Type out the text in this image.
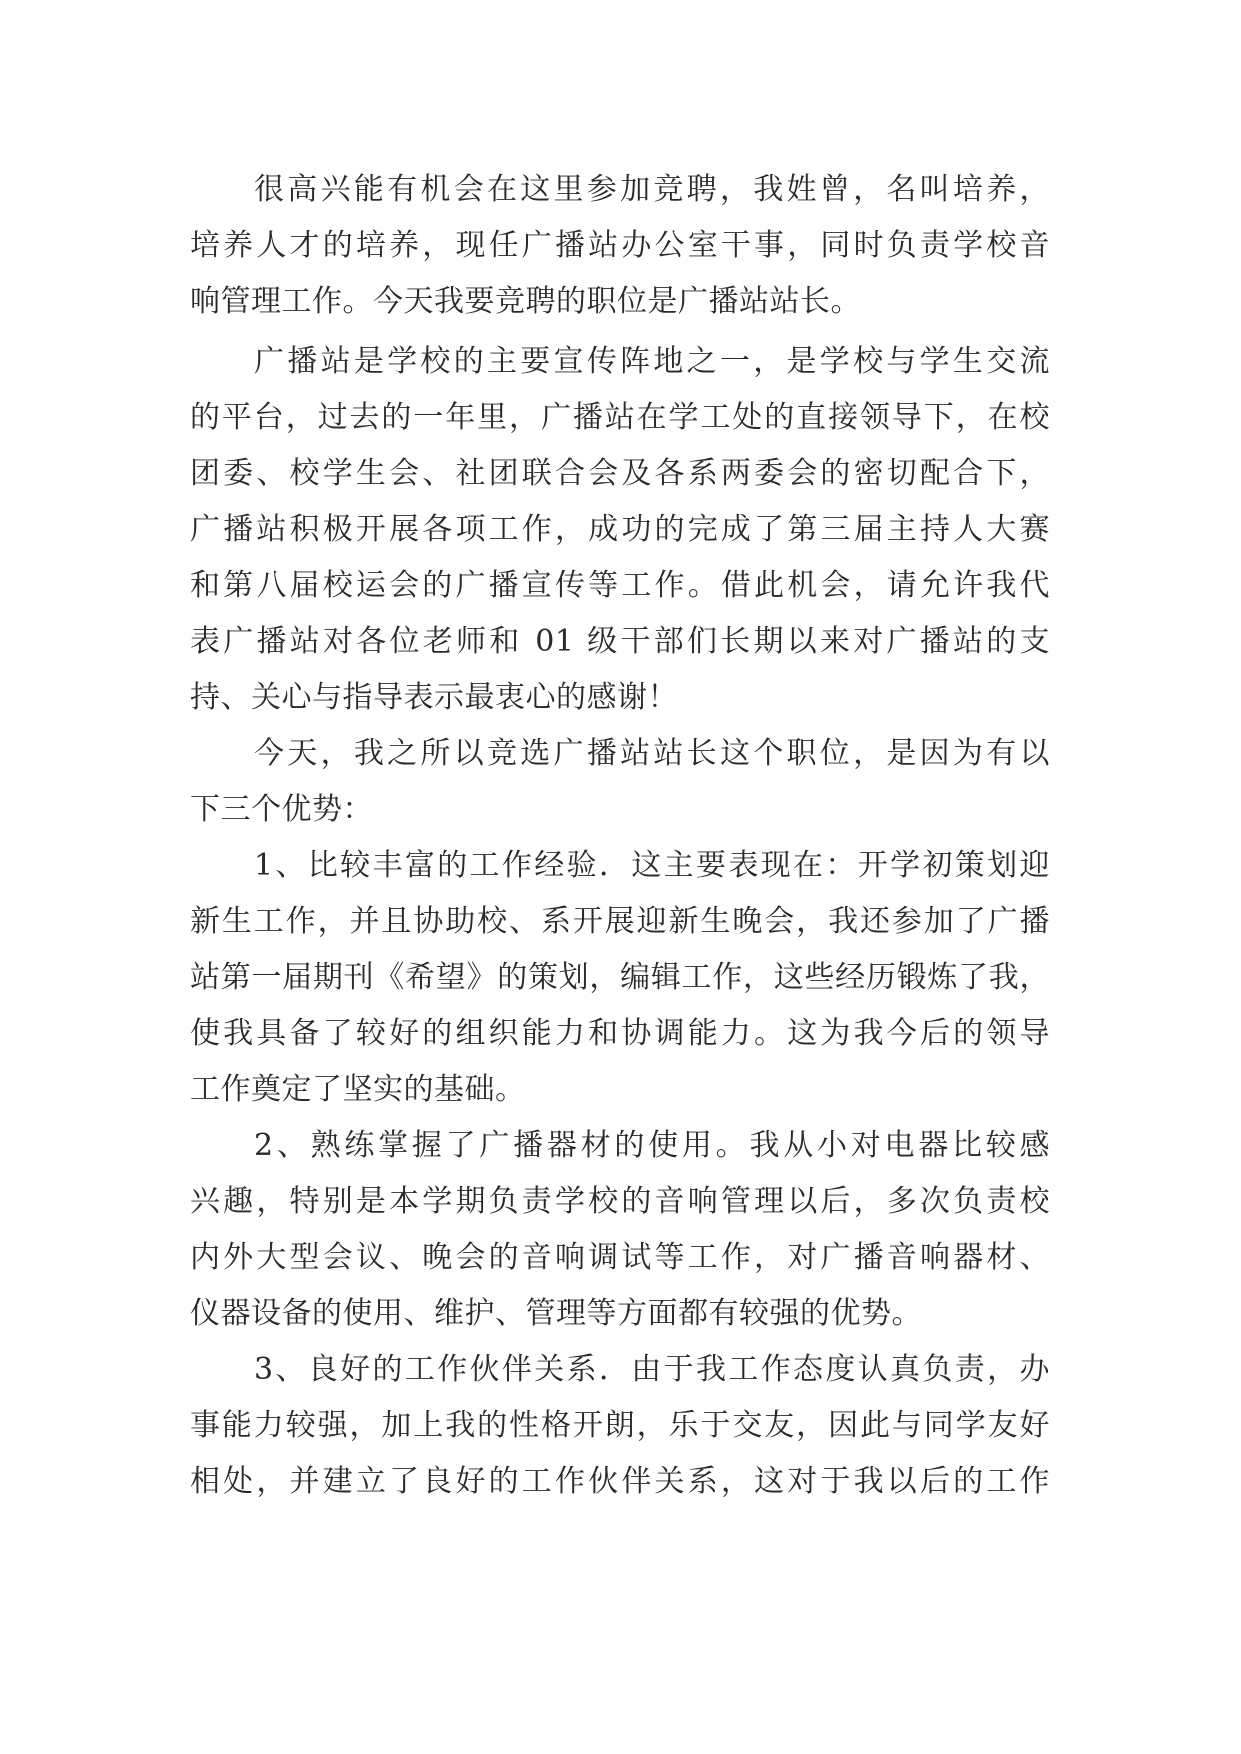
很高兴能有机会在这里参加竞聘，我姓曾，名叫培养，
培养人才的培养，现任广播站办公室干事，同时负责学校音
响管理工作。今天我要竞聘的职位是广播站站长。
广播站是学校的主要宣传阵地之一，是学校与学生交流
的平台，过去的一年里，广播站在学工处的直接领导下，在校
团委、校学生会、社团联合会及各系两委会的密切配合下，
广播站积极开展各项工作，成功的完成了第三届主持人大赛
和第八届校运会的广播宣传等工作。借此机会，请允许我代
表广播站对各位老师和 01 级干部们长期以来对广播站的支
持、关心与指导表示最衷心的感谢！
今天，我之所以竞选广播站站长这个职位，是因为有以
下三个优势：
1、比较丰富的工作经验．这主要表现在：开学初策划迎
新生工作，并且协助校、系开展迎新生晚会，我还参加了广播
站第一届期刊《希望》的策划，编辑工作，这些经历锻炼了我，
使我具备了较好的组织能力和协调能力。这为我今后的领导
工作奠定了坚实的基础。
2、熟练掌握了广播器材的使用。我从小对电器比较感
兴趣，特别是本学期负责学校的音响管理以后，多次负责校
内外大型会议、晚会的音响调试等工作，对广播音响器材、
仪器设备的使用、维护、管理等方面都有较强的优势。
3、良好的工作伙伴关系．由于我工作态度认真负责，办
事能力较强，加上我的性格开朗，乐于交友，因此与同学友好
相处，并建立了良好的工作伙伴关系，这对于我以后的工作
